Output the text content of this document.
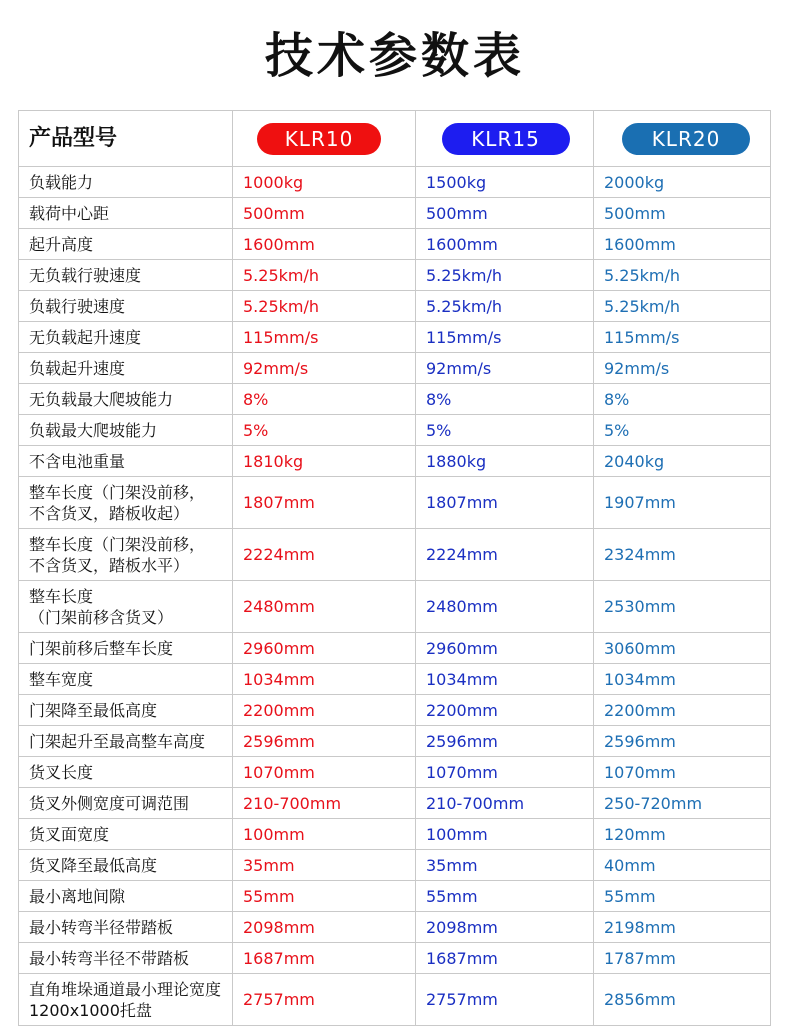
技术参数表
产品型号	KLR10	KLR15	KLR20

负载能力	1000kg	1500kg	2000kg

载荷中心距	500mm	500mm	500mm

起升高度	1600mm	1600mm	1600mm

无负载行驶速度	5.25km/h	5.25km/h	5.25km/h

负载行驶速度	5.25km/h	5.25km/h	5.25km/h

无负载起升速度	115mm/s	115mm/s	115mm/s

负载起升速度	92mm/s	92mm/s	92mm/s

无负载最大爬坡能力	8%	8%	8%

负载最大爬坡能力	5%	5%	5%

不含电池重量	1810kg	1880kg	2040kg

整车长度（门架没前移，
不含货叉，踏板收起）	1807mm	1807mm	1907mm

整车长度（门架没前移，
不含货叉，踏板水平）	2224mm	2224mm	2324mm

整车长度
（门架前移含货叉）	2480mm	2480mm	2530mm

门架前移后整车长度	2960mm	2960mm	3060mm

整车宽度	1034mm	1034mm	1034mm

门架降至最低高度	2200mm	2200mm	2200mm

门架起升至最高整车高度	2596mm	2596mm	2596mm

货叉长度	1070mm	1070mm	1070mm

货叉外侧宽度可调范围	210-700mm	210-700mm	250-720mm

货叉面宽度	100mm	100mm	120mm

货叉降至最低高度	35mm	35mm	40mm

最小离地间隙	55mm	55mm	55mm

最小转弯半径带踏板	2098mm	2098mm	2198mm

最小转弯半径不带踏板	1687mm	1687mm	1787mm

直角堆垛通道最小理论宽度
1200x1000托盘	2757mm	2757mm	2856mm
